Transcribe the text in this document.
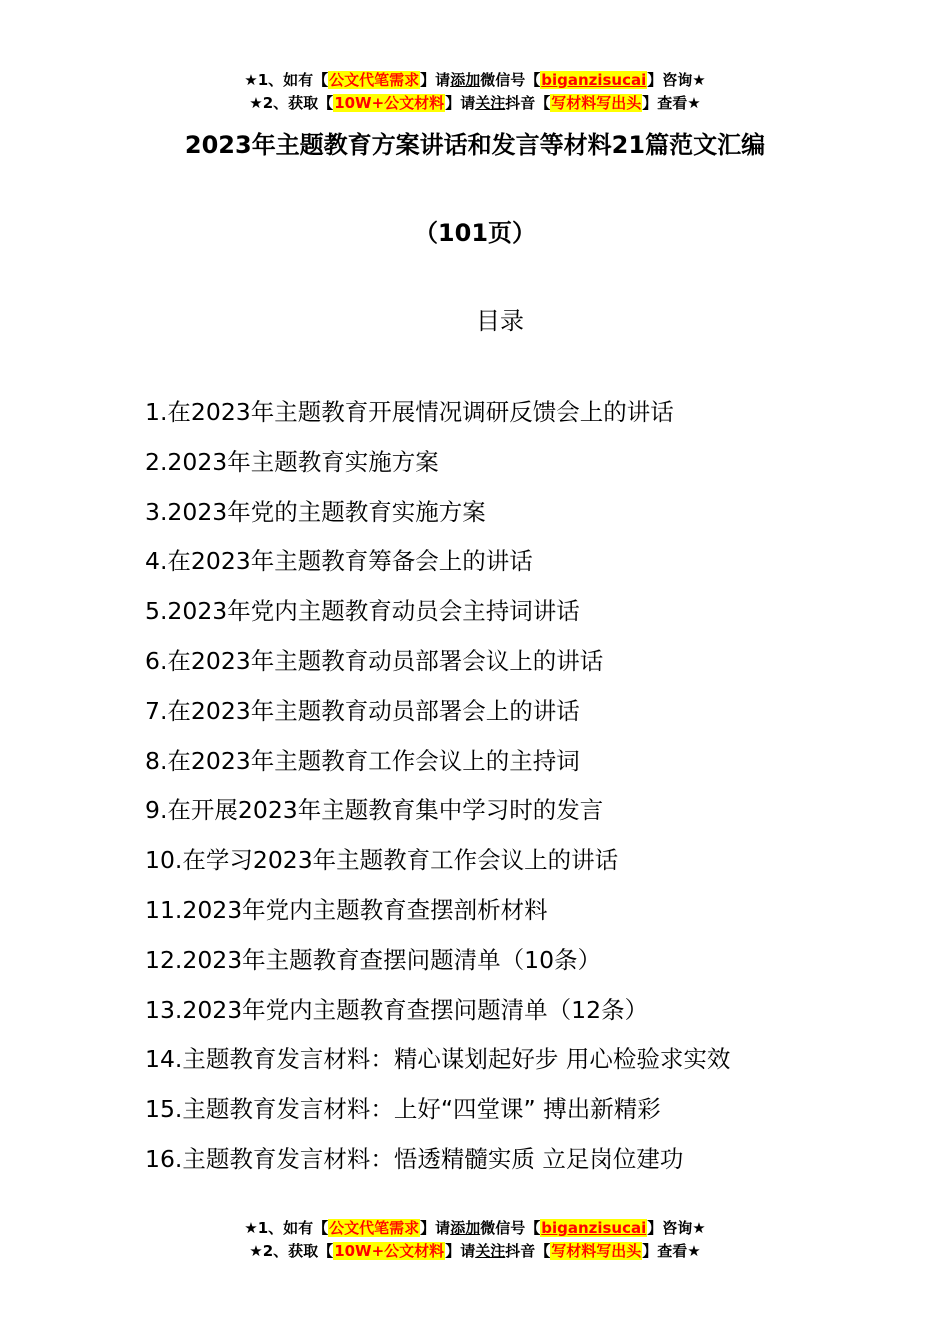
★1、如有【公文代笔需求】请添加微信号【biganzisucai】咨询★
★2、获取【10W+公文材料】请关注抖音【写材料写出头】查看★
2023年主题教育方案讲话和发言等材料21篇范文汇编
（101页）
目录
1.在2023年主题教育开展情况调研反馈会上的讲话
2.2023年主题教育实施方案
3.2023年党的主题教育实施方案
4.在2023年主题教育筹备会上的讲话
5.2023年党内主题教育动员会主持词讲话
6.在2023年主题教育动员部署会议上的讲话
7.在2023年主题教育动员部署会上的讲话
8.在2023年主题教育工作会议上的主持词
9.在开展2023年主题教育集中学习时的发言
10.在学习2023年主题教育工作会议上的讲话
11.2023年党内主题教育查摆剖析材料
12.2023年主题教育查摆问题清单（10条）
13.2023年党内主题教育查摆问题清单（12条）
14.主题教育发言材料：精心谋划起好步 用心检验求实效
15.主题教育发言材料：上好“四堂课” 搏出新精彩
16.主题教育发言材料：悟透精髓实质 立足岗位建功
★1、如有【公文代笔需求】请添加微信号【biganzisucai】咨询★
★2、获取【10W+公文材料】请关注抖音【写材料写出头】查看★
